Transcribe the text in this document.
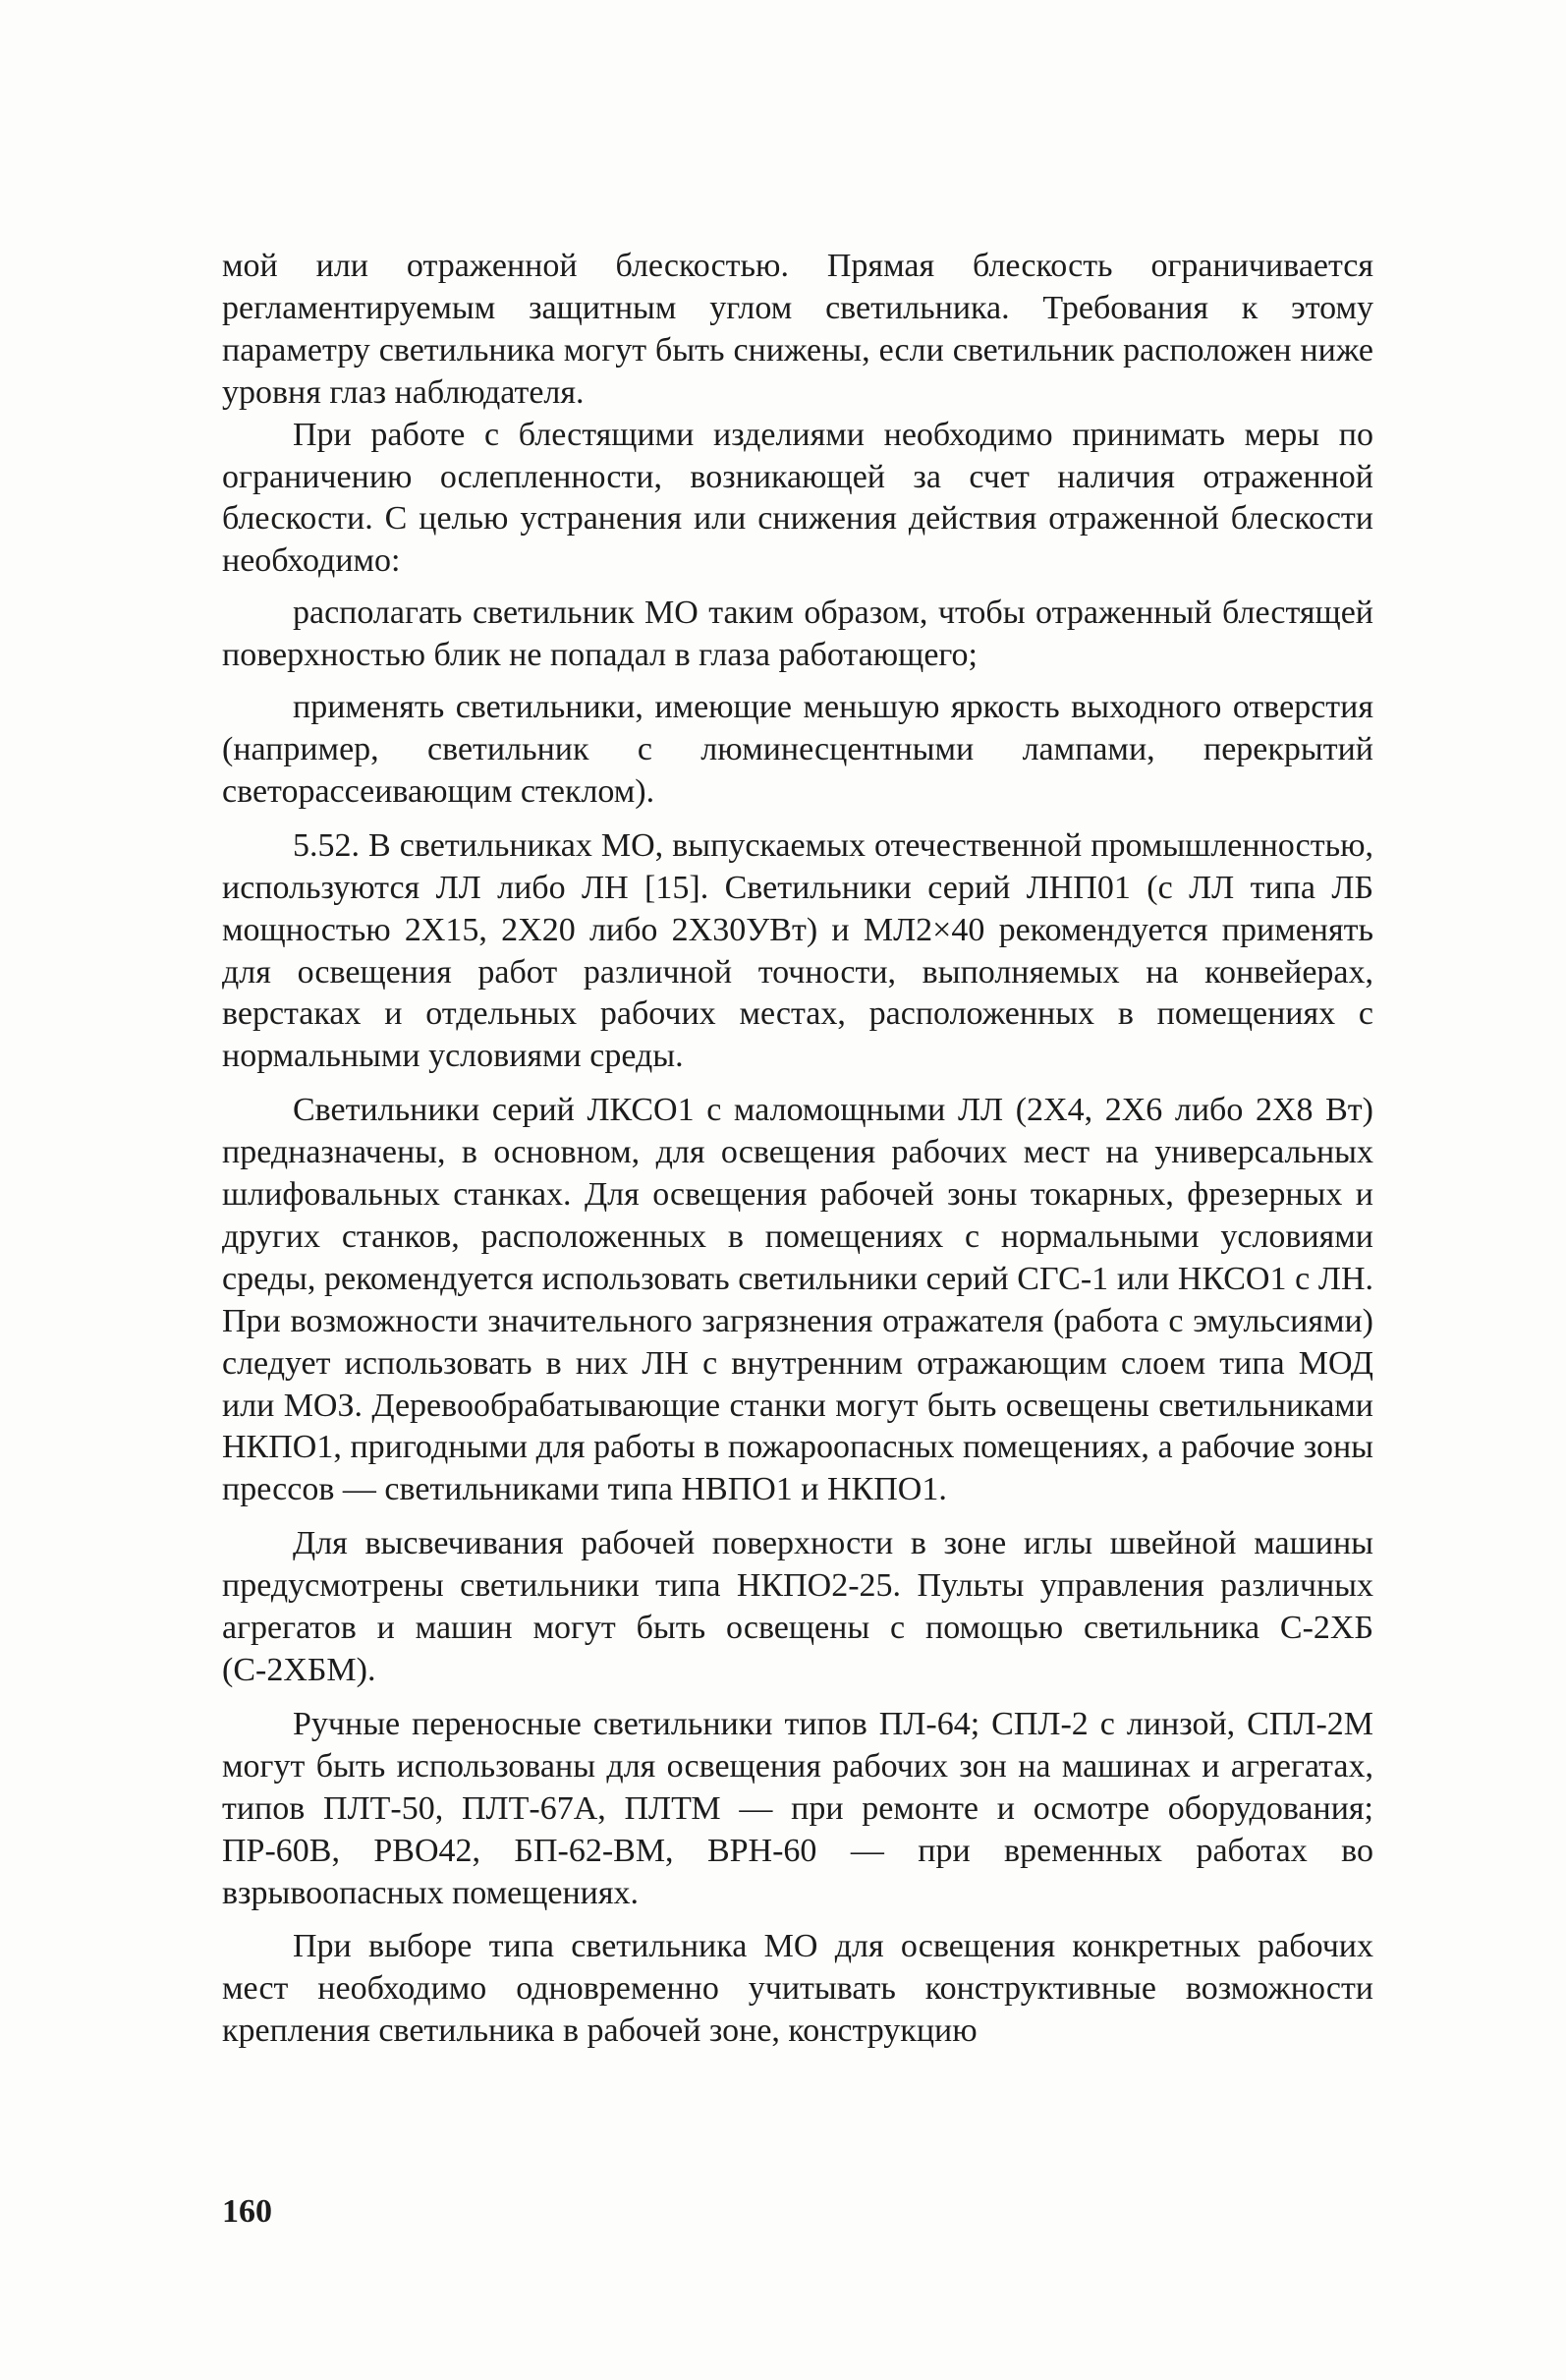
мой или отраженной блескостью. Прямая блескость ограничивается регламентируемым защитным углом светильника. Требования к этому параметру светильника могут быть снижены, если светильник расположен ниже уровня глаз наблюдателя.

При работе с блестящими изделиями необходимо принимать меры по ограничению ослепленности, возникающей за счет наличия отраженной блескости. С целью устранения или снижения действия отраженной блескости необходимо:

располагать светильник МО таким образом, чтобы отраженный блестящей поверхностью блик не попадал в глаза работающего;

применять светильники, имеющие меньшую яркость выходного отверстия (например, светильник с люминесцентными лампами, перекрытий светорассеивающим стеклом).

5.52. В светильниках МО, выпускаемых отечественной промышленностью, используются ЛЛ либо ЛН [15]. Светильники серий ЛНП01 (с ЛЛ типа ЛБ мощностью 2Х15, 2Х20 либо 2Х30УВт) и МЛ2×40 рекомендуется применять для освещения работ различной точности, выполняемых на конвейерах, верстаках и отдельных рабочих местах, расположенных в помещениях с нормальными условиями среды.

Светильники серий ЛКСО1 с маломощными ЛЛ (2Х4, 2Х6 либо 2Х8 Вт) предназначены, в основном, для освещения рабочих мест на универсальных шлифовальных станках. Для освещения рабочей зоны токарных, фрезерных и других станков, расположенных в помещениях с нормальными условиями среды, рекомендуется использовать светильники серий СГС-1 или НКСО1 с ЛН. При возможности значительного загрязнения отражателя (работа с эмульсиями) следует использовать в них ЛН с внутренним отражающим слоем типа МОД или МОЗ. Деревообрабатывающие станки могут быть освещены светильниками НКПО1, пригодными для работы в пожароопасных помещениях, а рабочие зоны прессов — светильниками типа НВПО1 и НКПО1.

Для высвечивания рабочей поверхности в зоне иглы швейной машины предусмотрены светильники типа НКПО2-25. Пульты управления различных агрегатов и машин могут быть освещены с помощью светильника С-2ХБ (С-2ХБМ).

Ручные переносные светильники типов ПЛ-64; СПЛ-2 с линзой, СПЛ-2М могут быть использованы для освещения рабочих зон на машинах и агрегатах, типов ПЛТ-50, ПЛТ-67А, ПЛТМ — при ремонте и осмотре оборудования; ПР-60В, РВО42, БП-62-ВМ, ВРН-60 — при временных работах во взрывоопасных помещениях.

При выборе типа светильника МО для освещения конкретных рабочих мест необходимо одновременно учитывать конструктивные возможности крепления светильника в рабочей зоне, конструкцию

160
